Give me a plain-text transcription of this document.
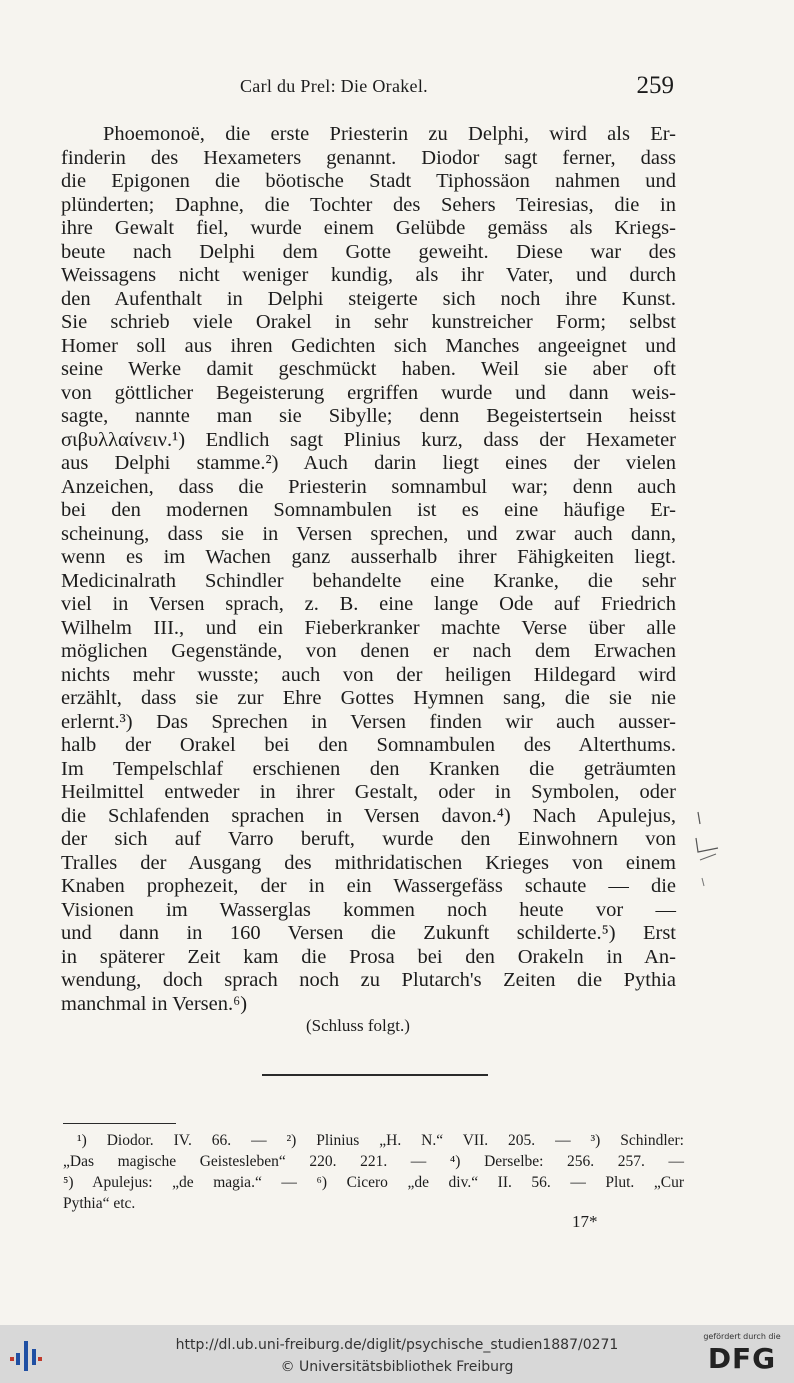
Carl du Prel: Die Orakel.	259
Phoemonoë, die erste Priesterin zu Delphi, wird als Er-
finderin des Hexameters genannt. Diodor sagt ferner, dass
die Epigonen die böotische Stadt Tiphossäon nahmen und
plünderten; Daphne, die Tochter des Sehers Teiresias, die in
ihre Gewalt fiel, wurde einem Gelübde gemäss als Kriegs-
beute nach Delphi dem Gotte geweiht. Diese war des
Weissagens nicht weniger kundig, als ihr Vater, und durch
den Aufenthalt in Delphi steigerte sich noch ihre Kunst.
Sie schrieb viele Orakel in sehr kunstreicher Form; selbst
Homer soll aus ihren Gedichten sich Manches angeeignet und
seine Werke damit geschmückt haben. Weil sie aber oft
von göttlicher Begeisterung ergriffen wurde und dann weis-
sagte, nannte man sie Sibylle; denn Begeistertsein heisst
σιβυλλαίνειν.¹) Endlich sagt Plinius kurz, dass der Hexameter
aus Delphi stamme.²) Auch darin liegt eines der vielen
Anzeichen, dass die Priesterin somnambul war; denn auch
bei den modernen Somnambulen ist es eine häufige Er-
scheinung, dass sie in Versen sprechen, und zwar auch dann,
wenn es im Wachen ganz ausserhalb ihrer Fähigkeiten liegt.
Medicinalrath Schindler behandelte eine Kranke, die sehr
viel in Versen sprach, z. B. eine lange Ode auf Friedrich
Wilhelm III., und ein Fieberkranker machte Verse über alle
möglichen Gegenstände, von denen er nach dem Erwachen
nichts mehr wusste; auch von der heiligen Hildegard wird
erzählt, dass sie zur Ehre Gottes Hymnen sang, die sie nie
erlernt.³) Das Sprechen in Versen finden wir auch ausser-
halb der Orakel bei den Somnambulen des Alterthums.
Im Tempelschlaf erschienen den Kranken die geträumten
Heilmittel entweder in ihrer Gestalt, oder in Symbolen, oder
die Schlafenden sprachen in Versen davon.⁴) Nach Apulejus,
der sich auf Varro beruft, wurde den Einwohnern von
Tralles der Ausgang des mithridatischen Krieges von einem
Knaben prophezeit, der in ein Wassergefäss schaute — die
Visionen im Wasserglas kommen noch heute vor —
und dann in 160 Versen die Zukunft schilderte.⁵) Erst
in späterer Zeit kam die Prosa bei den Orakeln in An-
wendung, doch sprach noch zu Plutarch's Zeiten die Pythia
manchmal in Versen.⁶)
(Schluss folgt.)
¹) Diodor. IV. 66. — ²) Plinius „H. N.“ VII. 205. — ³) Schindler:
„Das magische Geistesleben“ 220. 221. — ⁴) Derselbe: 256. 257. —
⁵) Apulejus: „de magia.“ — ⁶) Cicero „de div.“ II. 56. — Plut. „Cur
Pythia“ etc.
17*
http://dl.ub.uni-freiburg.de/diglit/psychische_studien1887/0271
© Universitätsbibliothek Freiburg
gefördert durch die
DFG
